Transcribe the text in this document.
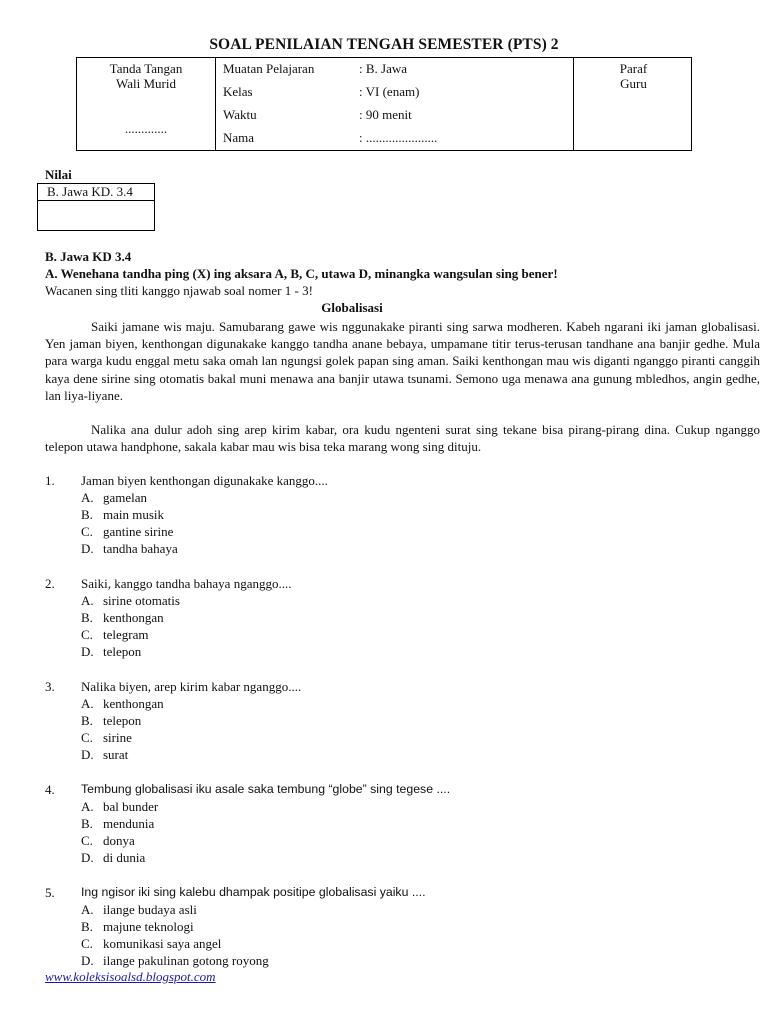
SOAL PENILAIAN TENGAH SEMESTER (PTS) 2
Tanda Tangan
Wali Murid
.............
Muatan Pelajaran	: B. Jawa
Kelas	: VI (enam)
Waktu	: 90 menit
Nama	: ......................
Paraf
Guru
Nilai
B. Jawa KD. 3.4
B. Jawa KD 3.4
A. Wenehana tandha ping (X) ing aksara A, B, C, utawa D, minangka wangsulan sing bener!
Wacanen sing tliti kanggo njawab soal nomer 1 - 3!
Globalisasi
Saiki jamane wis maju. Samubarang gawe wis nggunakake piranti sing sarwa modheren. Kabeh ngarani iki jaman globalisasi. Yen jaman biyen, kenthongan digunakake kanggo tandha anane bebaya, umpamane titir terus-terusan tandhane ana banjir gedhe. Mula para warga kudu enggal metu saka omah lan ngungsi golek papan sing aman. Saiki kenthongan mau wis diganti nganggo piranti canggih kaya dene sirine sing otomatis bakal muni menawa ana banjir utawa tsunami. Semono uga menawa ana gunung mbledhos, angin gedhe, lan liya-liyane.
Nalika ana dulur adoh sing arep kirim kabar, ora kudu ngenteni surat sing tekane bisa pirang-pirang dina. Cukup nganggo telepon utawa handphone, sakala kabar mau wis bisa teka marang wong sing dituju.
1. Jaman biyen kenthongan digunakake kanggo....
A. gamelan
B. main musik
C. gantine sirine
D. tandha bahaya
2. Saiki, kanggo tandha bahaya nganggo....
A. sirine otomatis
B. kenthongan
C. telegram
D. telepon
3. Nalika biyen, arep kirim kabar nganggo....
A. kenthongan
B. telepon
C. sirine
D. surat
4. Tembung globalisasi iku asale saka tembung “globe” sing tegese ....
A. bal bunder
B. mendunia
C. donya
D. di dunia
5. Ing ngisor iki sing kalebu dhampak positipe globalisasi yaiku ....
A. ilange budaya asli
B. majune teknologi
C. komunikasi saya angel
D. ilange pakulinan gotong royong
www.koleksisoalsd.blogspot.com
